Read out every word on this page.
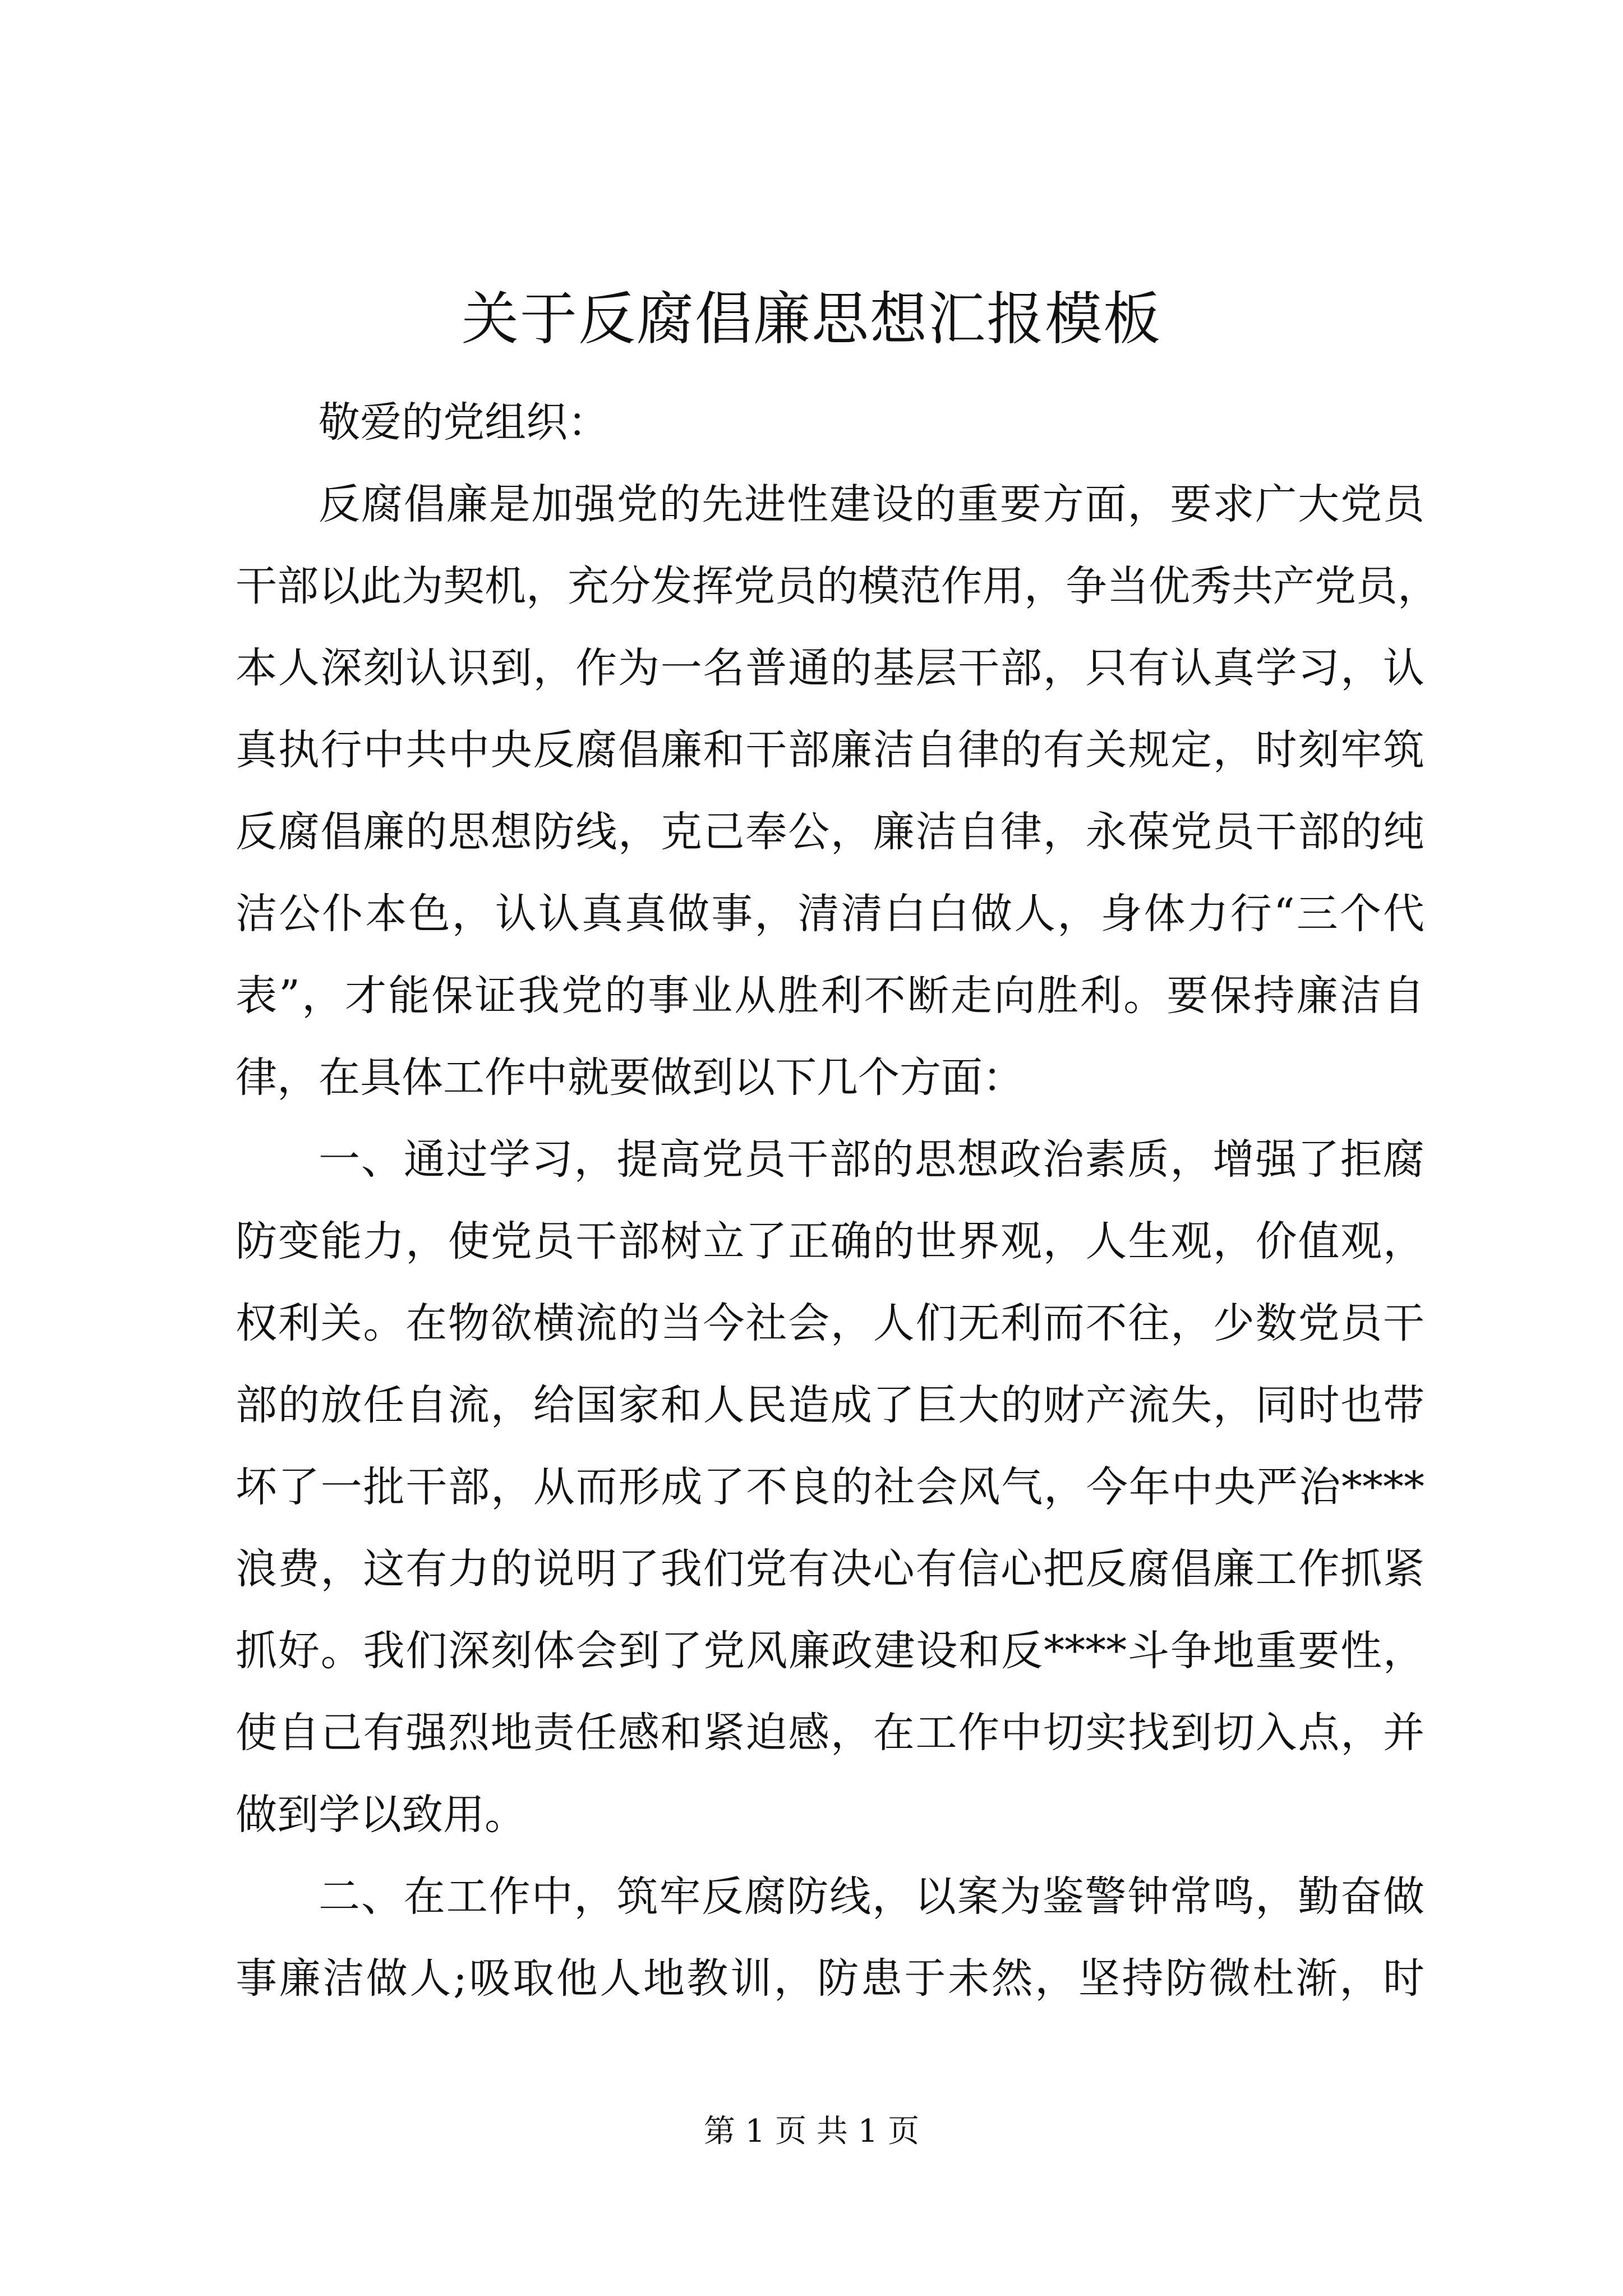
关于反腐倡廉思想汇报模板

敬爱的党组织：

反腐倡廉是加强党的先进性建设的重要方面，要求广大党员

干部以此为契机，充分发挥党员的模范作用，争当优秀共产党员，

本人深刻认识到，作为一名普通的基层干部，只有认真学习，认

真执行中共中央反腐倡廉和干部廉洁自律的有关规定，时刻牢筑

反腐倡廉的思想防线，克己奉公，廉洁自律，永葆党员干部的纯

洁公仆本色，认认真真做事，清清白白做人，身体力行“三个代

表”，才能保证我党的事业从胜利不断走向胜利。要保持廉洁自

律，在具体工作中就要做到以下几个方面：

一、通过学习，提高党员干部的思想政治素质，增强了拒腐

防变能力，使党员干部树立了正确的世界观，人生观，价值观，

权利关。在物欲横流的当今社会，人们无利而不往，少数党员干

部的放任自流，给国家和人民造成了巨大的财产流失，同时也带

坏了一批干部，从而形成了不良的社会风气，今年中央严治****

浪费，这有力的说明了我们党有决心有信心把反腐倡廉工作抓紧

抓好。我们深刻体会到了党风廉政建设和反****斗争地重要性，

使自己有强烈地责任感和紧迫感，在工作中切实找到切入点，并

做到学以致用。

二、在工作中，筑牢反腐防线，以案为鉴警钟常鸣，勤奋做

事廉洁做人;吸取他人地教训，防患于未然，坚持防微杜渐，时

第 1 页 共 1 页
